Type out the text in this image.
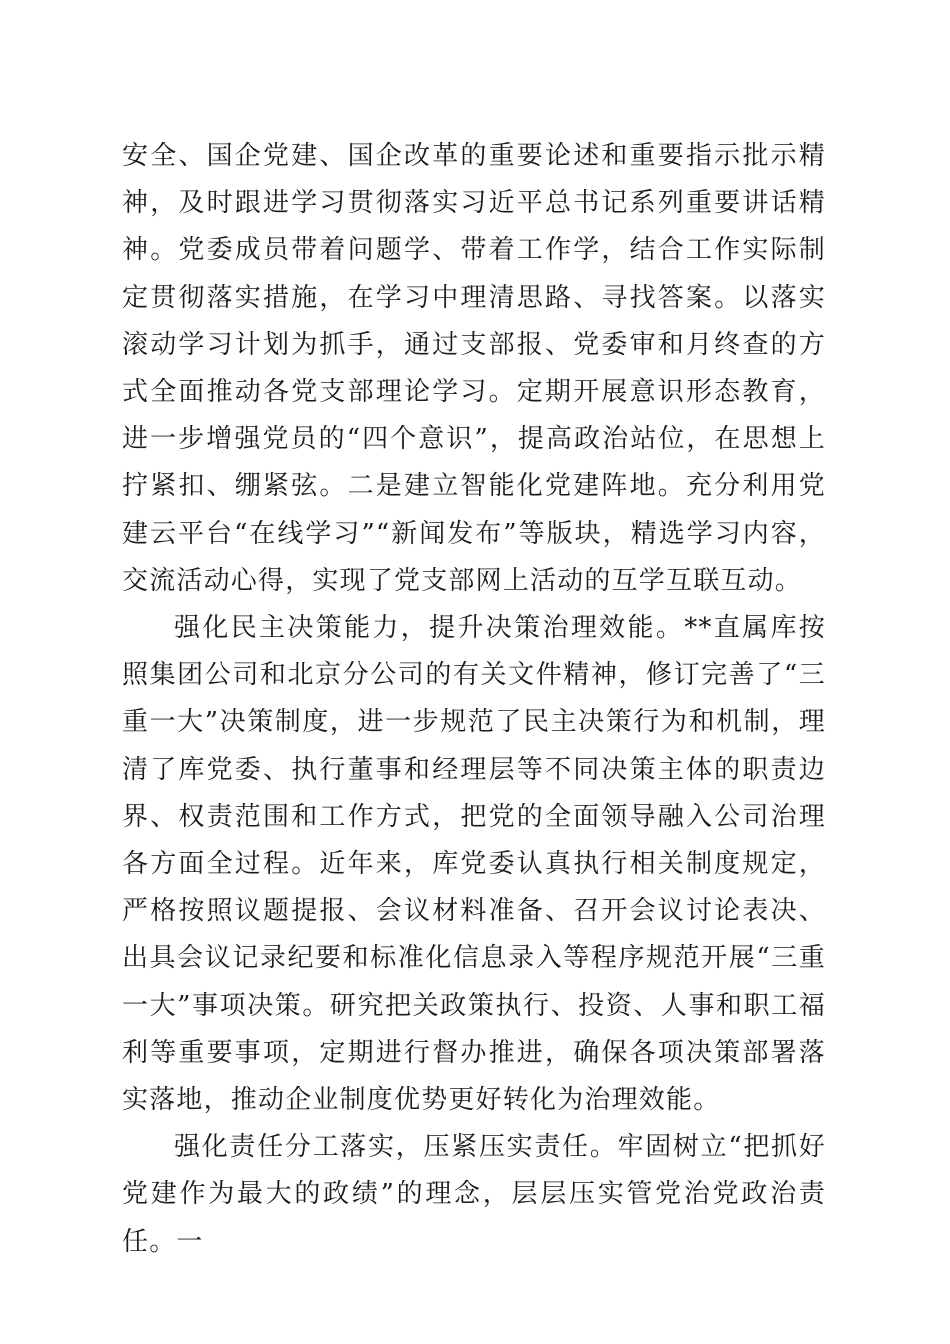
安全、国企党建、国企改革的重要论述和重要指示批示精神，及时跟进学习贯彻落实习近平总书记系列重要讲话精神。党委成员带着问题学、带着工作学，结合工作实际制定贯彻落实措施，在学习中理清思路、寻找答案。以落实滚动学习计划为抓手，通过支部报、党委审和月终查的方式全面推动各党支部理论学习。定期开展意识形态教育，进一步增强党员的“四个意识”，提高政治站位，在思想上拧紧扣、绷紧弦。二是建立智能化党建阵地。充分利用党建云平台“在线学习”“新闻发布”等版块，精选学习内容，交流活动心得，实现了党支部网上活动的互学互联互动。

强化民主决策能力，提升决策治理效能。**直属库按照集团公司和北京分公司的有关文件精神，修订完善了“三重一大”决策制度，进一步规范了民主决策行为和机制，理清了库党委、执行董事和经理层等不同决策主体的职责边界、权责范围和工作方式，把党的全面领导融入公司治理各方面全过程。近年来，库党委认真执行相关制度规定，严格按照议题提报、会议材料准备、召开会议讨论表决、出具会议记录纪要和标准化信息录入等程序规范开展“三重一大”事项决策。研究把关政策执行、投资、人事和职工福利等重要事项，定期进行督办推进，确保各项决策部署落实落地，推动企业制度优势更好转化为治理效能。

强化责任分工落实，压紧压实责任。牢固树立“把抓好党建作为最大的政绩”的理念，层层压实管党治党政治责任。一
